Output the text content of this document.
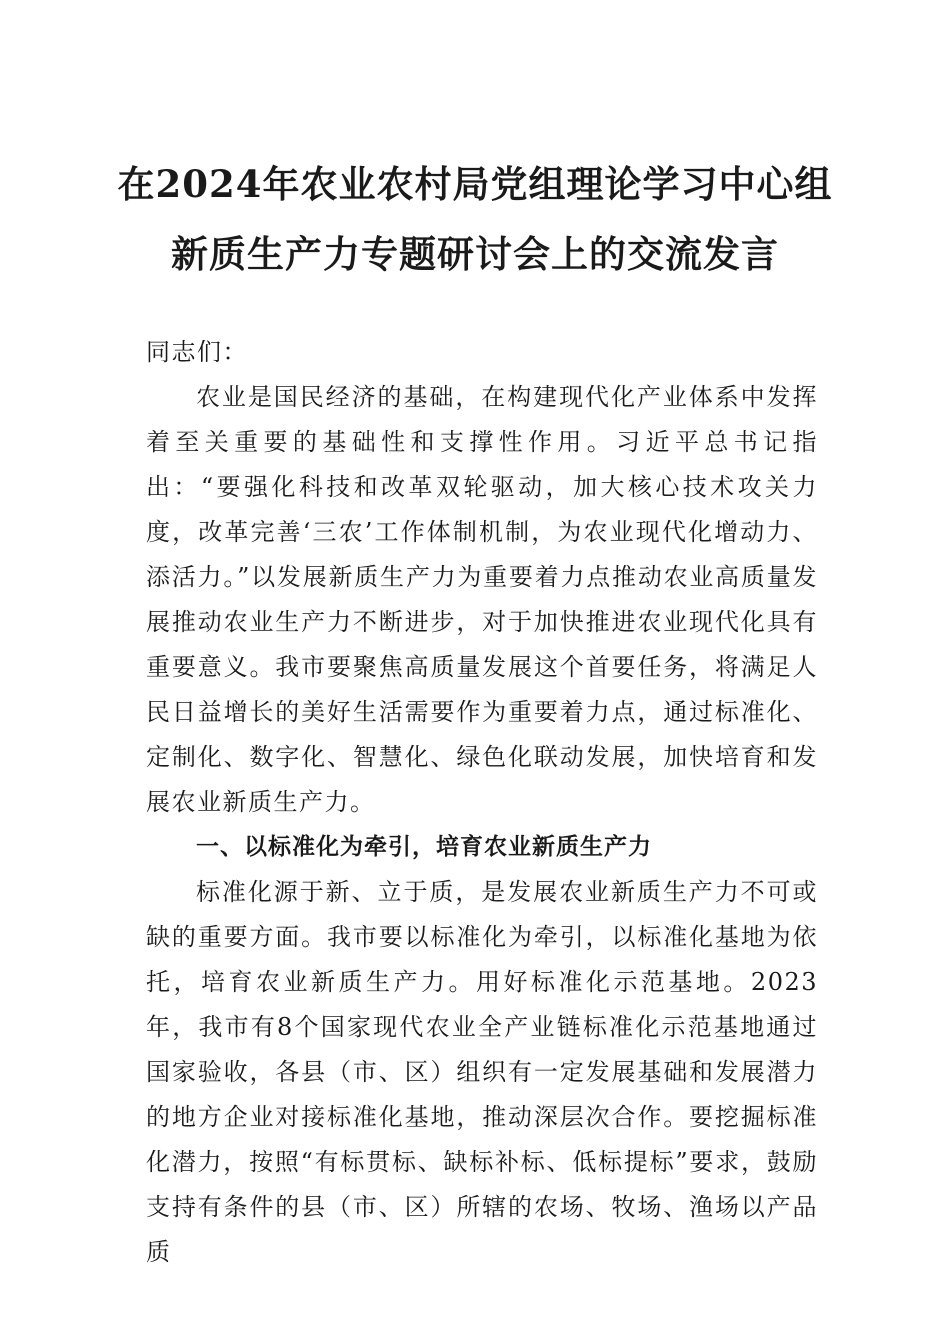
在2024年农业农村局党组理论学习中心组
新质生产力专题研讨会上的交流发言

同志们：

农业是国民经济的基础，在构建现代化产业体系中发挥着至关重要的基础性和支撑性作用。习近平总书记指出：“要强化科技和改革双轮驱动，加大核心技术攻关力度，改革完善‘三农’工作体制机制，为农业现代化增动力、添活力。”以发展新质生产力为重要着力点推动农业高质量发展推动农业生产力不断进步，对于加快推进农业现代化具有重要意义。我市要聚焦高质量发展这个首要任务，将满足人民日益增长的美好生活需要作为重要着力点，通过标准化、定制化、数字化、智慧化、绿色化联动发展，加快培育和发展农业新质生产力。

一、以标准化为牵引，培育农业新质生产力

标准化源于新、立于质，是发展农业新质生产力不可或缺的重要方面。我市要以标准化为牵引，以标准化基地为依托，培育农业新质生产力。用好标准化示范基地。2023年，我市有8个国家现代农业全产业链标准化示范基地通过国家验收，各县（市、区）组织有一定发展基础和发展潜力的地方企业对接标准化基地，推动深层次合作。要挖掘标准化潜力，按照“有标贯标、缺标补标、低标提标”要求，鼓励支持有条件的县（市、区）所辖的农场、牧场、渔场以产品质
